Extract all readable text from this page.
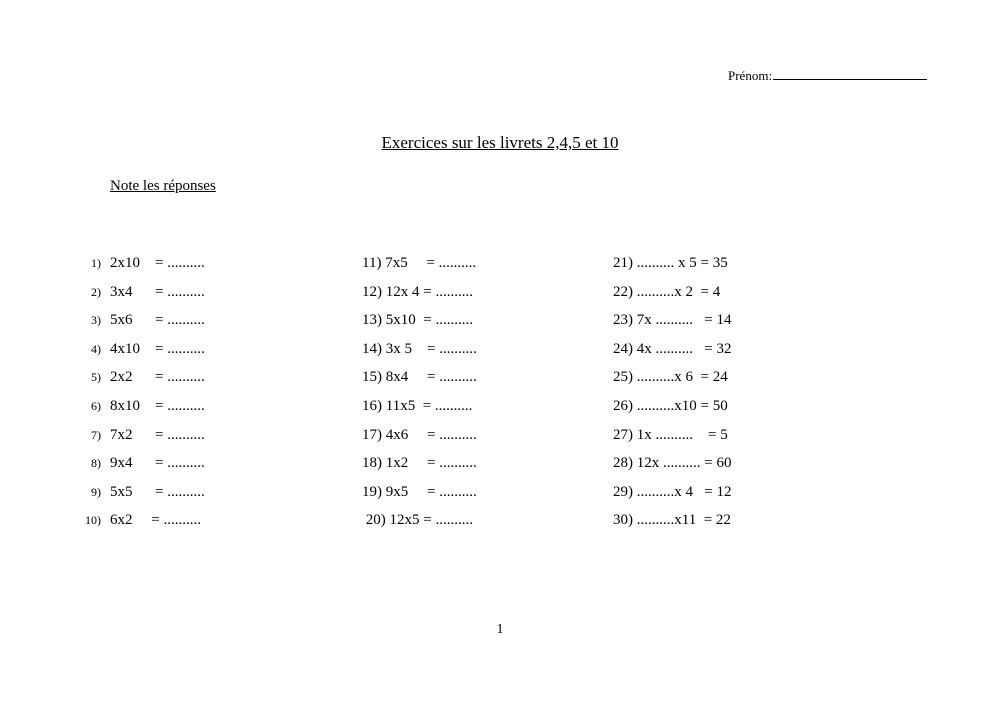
Prénom:
Exercices sur les livrets 2,4,5 et 10
Note les réponses
1) 2x10    = ..........
2) 3x4      = ..........
3) 5x6      = ..........
4) 4x10    = ..........
5) 2x2      = ..........
6) 8x10    = ..........
7) 7x2      = ..........
8) 9x4      = ..........
9) 5x5      = ..........
10) 6x2     = ..........
11) 7x5     = ..........
12) 12x 4 = ..........
13) 5x10  = ..........
14) 3x 5    = ..........
15) 8x4     = ..........
16) 11x5  = ..........
17) 4x6     = ..........
18) 1x2     = ..........
19) 9x5     = ..........
20) 12x5 = ..........
21) .......... x 5 = 35
22) ..........x 2  = 4
23) 7x ..........   = 14
24) 4x ..........   = 32
25) ..........x 6  = 24
26) ..........x10 = 50
27) 1x ..........    = 5
28) 12x .......... = 60
29) ..........x 4   = 12
30) ..........x11  = 22
1
